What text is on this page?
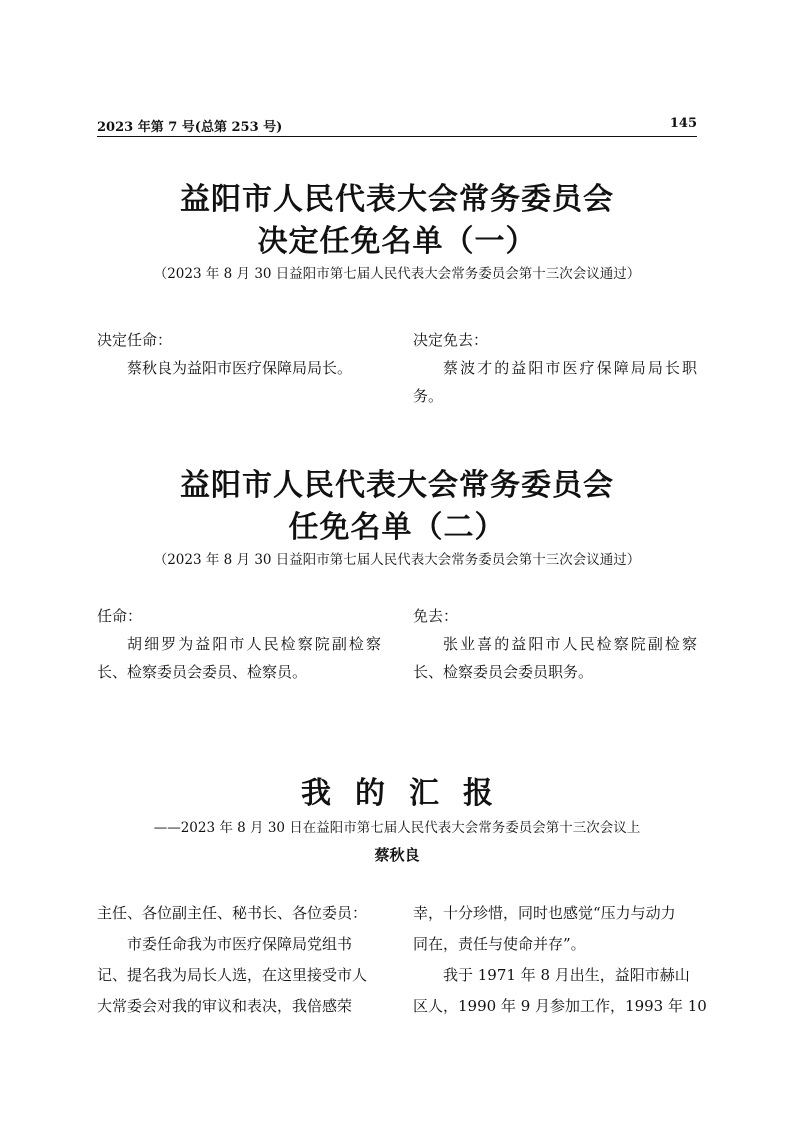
2023 年第 7 号(总第 253 号)	145
益阳市人民代表大会常务委员会
决定任免名单（一）
（2023 年 8 月 30 日益阳市第七届人民代表大会常务委员会第十三次会议通过）
决定任命：

蔡秋良为益阳市医疗保障局局长。

决定免去：

蔡波才的益阳市医疗保障局局长职务。

益阳市人民代表大会常务委员会
任免名单（二）
（2023 年 8 月 30 日益阳市第七届人民代表大会常务委员会第十三次会议通过）
任命：

胡细罗为益阳市人民检察院副检察长、检察委员会委员、检察员。

免去：

张业喜的益阳市人民检察院副检察长、检察委员会委员职务。

我的汇报
——2023 年 8 月 30 日在益阳市第七届人民代表大会常务委员会第十三次会议上
蔡秋良
主任、各位副主任、秘书长、各位委员：
　　市委任命我为市医疗保障局党组书
记、提名我为局长人选，在这里接受市人
大常委会对我的审议和表决，我倍感荣
幸，十分珍惜，同时也感觉“压力与动力
同在，责任与使命并存”。
　　我于 1971 年 8 月出生，益阳市赫山
区人，1990 年 9 月参加工作，1993 年 10
